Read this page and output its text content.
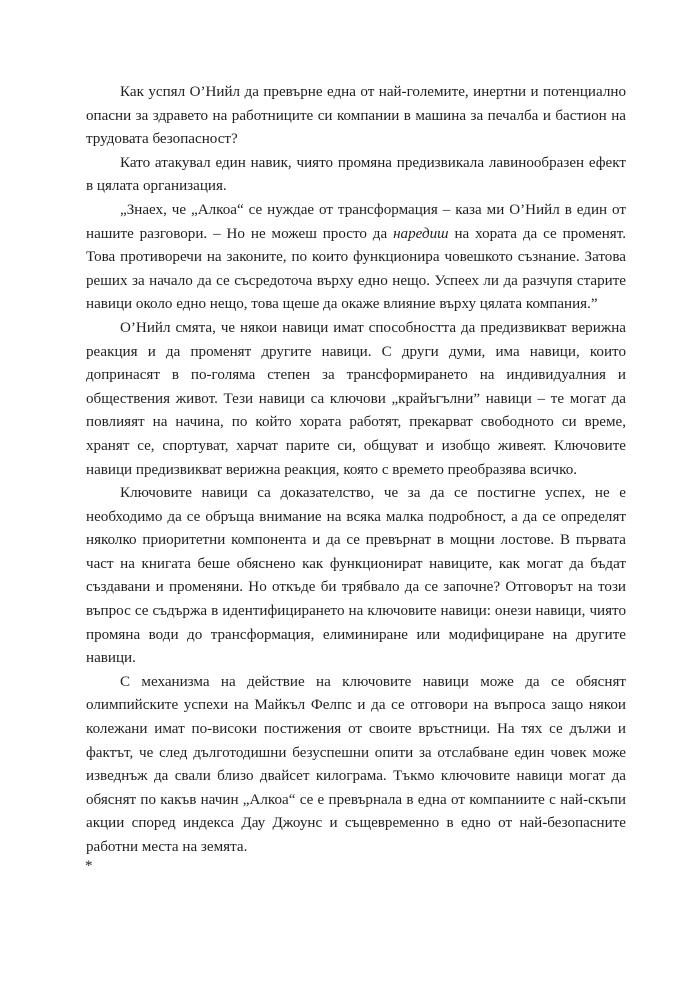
Как успял О’Нийл да превърне една от най-големите, инертни и потенциално опасни за здравето на работниците си компании в машина за печалба и бастион на трудовата безопасност?

Като атакувал един навик, чиято промяна предизвикала лавинообразен ефект в цялата организация.

„Знаех, че „Алкоа“ се нуждае от трансформация – каза ми О’Нийл в един от нашите разговори. – Но не можеш просто да наредиш на хората да се променят. Това противоречи на законите, по които функционира човешкото съзнание. Затова реших за начало да се съсредоточа върху едно нещо. Успеех ли да разчупя старите навици около едно нещо, това щеше да окаже влияние върху цялата компания.”

О’Нийл смята, че някои навици имат способността да предизвикват верижна реакция и да променят другите навици. С други думи, има навици, които допринасят в по-голяма степен за трансформирането на индивидуалния и обществения живот. Тези навици са ключови „крайъгълни” навици – те могат да повлияят на начина, по който хората работят, прекарват свободното си време, хранят се, спортуват, харчат парите си, общуват и изобщо живеят. Ключовите навици предизвикват верижна реакция, която с времето преобразява всичко.

Ключовите навици са доказателство, че за да се постигне успех, не е необходимо да се обръща внимание на всяка малка подробност, а да се определят няколко приоритетни компонента и да се превърнат в мощни лостове. В първата част на книгата беше обяснено как функционират навиците, как могат да бъдат създавани и променяни. Но откъде би трябвало да се започне? Отговорът на този въпрос се съдържа в идентифицирането на ключовите навици: онези навици, чиято промяна води до трансформация, елиминиране или модифициране на другите навици.

С механизма на действие на ключовите навици може да се обяснят олимпийските успехи на Майкъл Фелпс и да се отговори на въпроса защо някои колежани имат по-високи постижения от своите връстници. На тях се дължи и фактът, че след дълготодишни безуспешни опити за отслабване един човек може изведнъж да свали близо двайсет килограма. Тъкмо ключовите навици могат да обяснят по какъв начин „Алкоа“ се е превърнала в една от компаниите с най-скъпи акции според индекса Дау Джоунс и същевременно в едно от най-безопасните работни места на земята.

*
